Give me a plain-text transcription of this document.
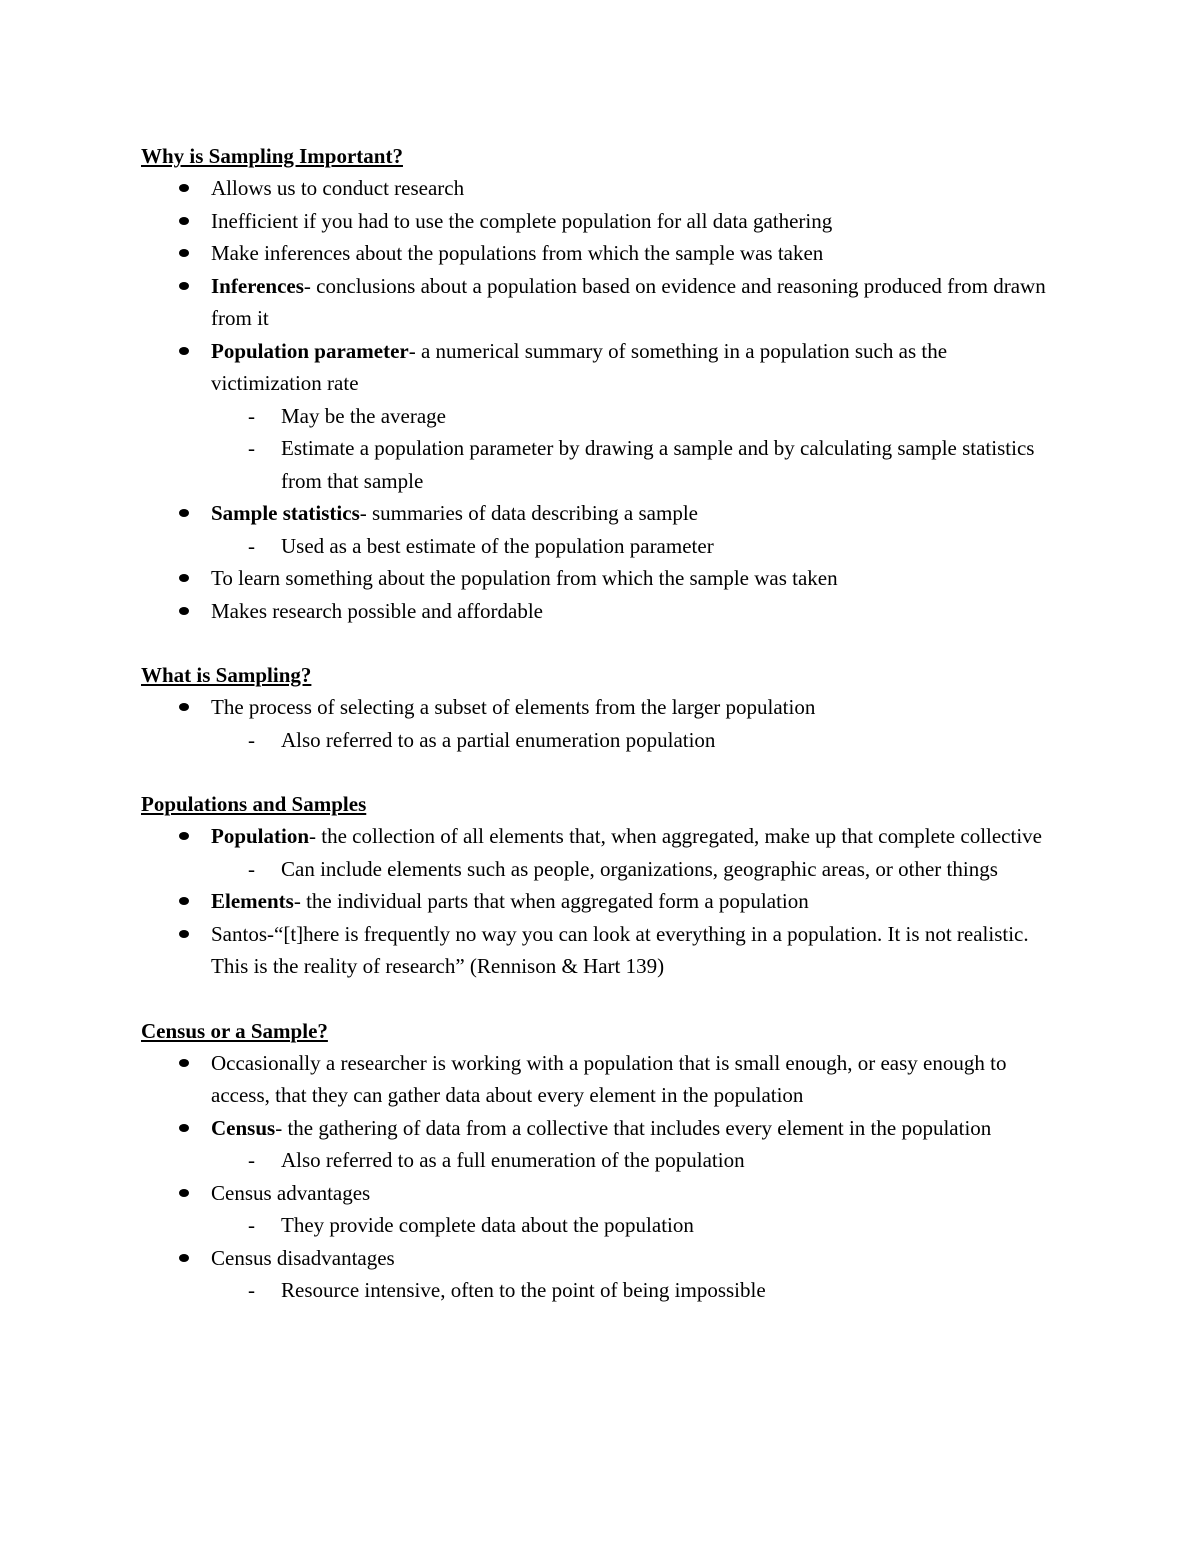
Why is Sampling Important?
Allows us to conduct research
Inefficient if you had to use the complete population for all data gathering
Make inferences about the populations from which the sample was taken
Inferences- conclusions about a population based on evidence and reasoning produced from drawn from it
Population parameter- a numerical summary of something in a population such as the victimization rate
- May be the average
- Estimate a population parameter by drawing a sample and by calculating sample statistics from that sample
Sample statistics- summaries of data describing a sample
- Used as a best estimate of the population parameter
To learn something about the population from which the sample was taken
Makes research possible and affordable
What is Sampling?
The process of selecting a subset of elements from the larger population
- Also referred to as a partial enumeration population
Populations and Samples
Population- the collection of all elements that, when aggregated, make up that complete collective
- Can include elements such as people, organizations, geographic areas, or other things
Elements- the individual parts that when aggregated form a population
Santos-“[t]here is frequently no way you can look at everything in a population. It is not realistic. This is the reality of research” (Rennison & Hart 139)
Census or a Sample?
Occasionally a researcher is working with a population that is small enough, or easy enough to access, that they can gather data about every element in the population
Census- the gathering of data from a collective that includes every element in the population
- Also referred to as a full enumeration of the population
Census advantages
- They provide complete data about the population
Census disadvantages
- Resource intensive, often to the point of being impossible
